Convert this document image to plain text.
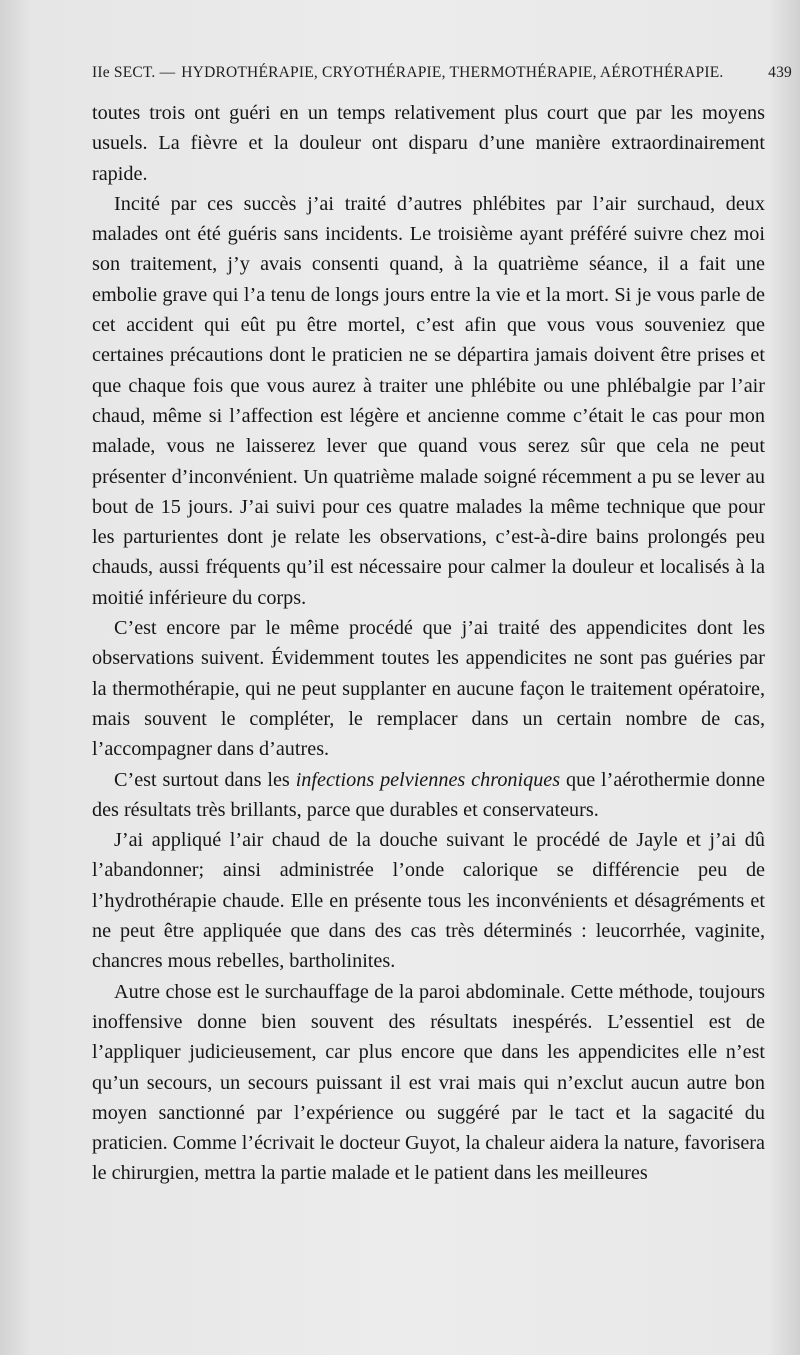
IIe SECT. — HYDROTHÉRAPIE, CRYOTHÉRAPIE, THERMOTHÉRAPIE, AÉROTHÉRAPIE.	439

toutes trois ont guéri en un temps relativement plus court que par les moyens usuels. La fièvre et la douleur ont disparu d’une manière extraordinairement rapide.

Incité par ces succès j’ai traité d’autres phlébites par l’air surchaud, deux malades ont été guéris sans incidents. Le troisième ayant préféré suivre chez moi son traitement, j’y avais consenti quand, à la quatrième séance, il a fait une embolie grave qui l’a tenu de longs jours entre la vie et la mort. Si je vous parle de cet accident qui eût pu être mortel, c’est afin que vous vous souveniez que certaines précautions dont le praticien ne se départira jamais doivent être prises et que chaque fois que vous aurez à traiter une phlébite ou une phlébalgie par l’air chaud, même si l’affection est légère et ancienne comme c’était le cas pour mon malade, vous ne laisserez lever que quand vous serez sûr que cela ne peut présenter d’inconvénient. Un quatrième malade soigné récemment a pu se lever au bout de 15 jours. J’ai suivi pour ces quatre malades la même technique que pour les parturientes dont je relate les observations, c’est-à-dire bains prolongés peu chauds, aussi fréquents qu’il est nécessaire pour calmer la douleur et localisés à la moitié inférieure du corps.

C’est encore par le même procédé que j’ai traité des appendicites dont les observations suivent. Évidemment toutes les appendicites ne sont pas guéries par la thermothérapie, qui ne peut supplanter en aucune façon le traitement opératoire, mais souvent le compléter, le remplacer dans un certain nombre de cas, l’accompagner dans d’autres.

C’est surtout dans les infections pelviennes chroniques que l’aérothermie donne des résultats très brillants, parce que durables et conservateurs.

J’ai appliqué l’air chaud de la douche suivant le procédé de Jayle et j’ai dû l’abandonner; ainsi administrée l’onde calorique se différencie peu de l’hydrothérapie chaude. Elle en présente tous les inconvénients et désagréments et ne peut être appliquée que dans des cas très déterminés : leucorrhée, vaginite, chancres mous rebelles, bartholinites.

Autre chose est le surchauffage de la paroi abdominale. Cette méthode, toujours inoffensive donne bien souvent des résultats inespérés. L’essentiel est de l’appliquer judicieusement, car plus encore que dans les appendicites elle n’est qu’un secours, un secours puissant il est vrai mais qui n’exclut aucun autre bon moyen sanctionné par l’expérience ou suggéré par le tact et la sagacité du praticien. Comme l’écrivait le docteur Guyot, la chaleur aidera la nature, favorisera le chirurgien, mettra la partie malade et le patient dans les meilleures
